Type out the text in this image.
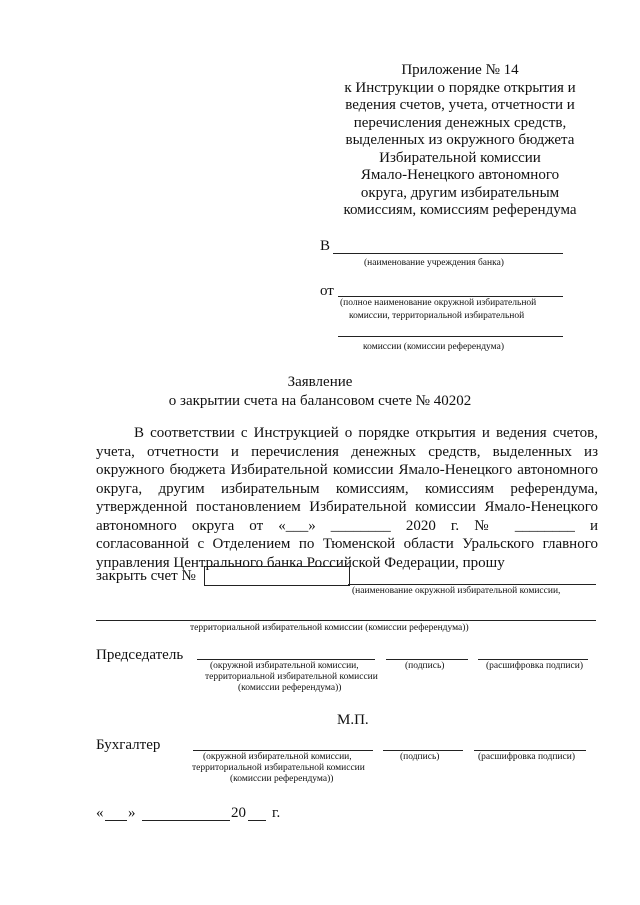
Приложение № 14
к Инструкции о порядке открытия и
ведения счетов, учета, отчетности и
перечисления денежных средств,
выделенных из окружного бюджета
Избирательной комиссии
Ямало-Ненецкого автономного
округа, другим избирательным
комиссиям, комиссиям референдума
В
(наименование учреждения банка)
от
(полное наименование окружной избирательной
комиссии, территориальной избирательной
комиссии (комиссии референдума)
Заявление
о закрытии счета на балансовом счете № 40202
В соответствии с Инструкцией о порядке открытия и ведения счетов,
учета, отчетности и перечисления денежных средств, выделенных из
окружного бюджета Избирательной комиссии Ямало-Ненецкого автономного
округа, другим избирательным комиссиям, комиссиям референдума,
утвержденной постановлением Избирательной комиссии Ямало-Ненецкого
автономного округа от «___» ________ 2020 г. № ________ и
согласованной с Отделением по Тюменской области Уральского главного
управления Центрального банка Российской Федерации, прошу
закрыть счет №
(наименование окружной избирательной комиссии,
территориальной избирательной комиссии (комиссии референдума))
Председатель
(окружной избирательной комиссии,
территориальной избирательной комиссии
(комиссии референдума))
(подпись)	(расшифровка подписи)
М.П.
Бухгалтер
(окружной избирательной комиссии,
территориальной избирательной комиссии
(комиссии референдума))
(подпись)	(расшифровка подписи)
« »	20 г.
